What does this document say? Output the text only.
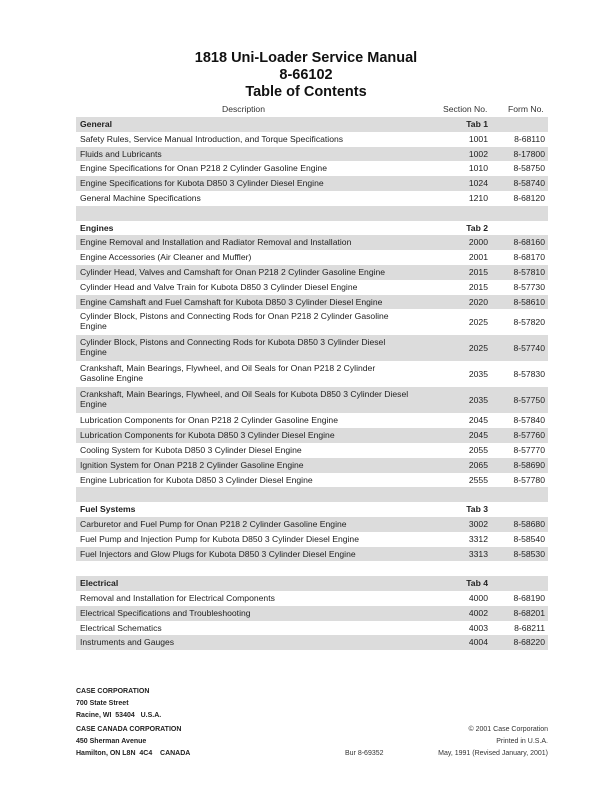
1818 Uni-Loader Service Manual
8-66102
Table of Contents
Description	Section No. Form No.
General	Tab 1
Safety Rules, Service Manual Introduction, and Torque Specifications	1001	8-68110
Fluids and Lubricants	1002	8-17800
Engine Specifications for Onan P218 2 Cylinder Gasoline Engine	1010	8-58750
Engine Specifications for Kubota D850 3 Cylinder Diesel Engine	1024	8-58740
General Machine Specifications	1210	8-68120
Engines	Tab 2
Engine Removal and Installation and Radiator Removal and Installation	2000	8-68160
Engine Accessories (Air Cleaner and Muffler)	2001	8-68170
Cylinder Head, Valves and Camshaft for Onan P218 2 Cylinder Gasoline Engine	2015	8-57810
Cylinder Head and Valve Train for Kubota D850 3 Cylinder Diesel Engine	2015	8-57730
Engine Camshaft and Fuel Camshaft for Kubota D850 3 Cylinder Diesel Engine	2020	8-58610
Cylinder Block, Pistons and Connecting Rods for Onan P218 2 Cylinder Gasoline Engine	2025	8-57820
Cylinder Block, Pistons and Connecting Rods for Kubota D850 3 Cylinder Diesel Engine	2025	8-57740
Crankshaft, Main Bearings, Flywheel, and Oil Seals for Onan P218 2 Cylinder Gasoline Engine	2035	8-57830
Crankshaft, Main Bearings, Flywheel, and Oil Seals for Kubota D850 3 Cylinder Diesel Engine	2035	8-57750
Lubrication Components for Onan P218 2 Cylinder Gasoline Engine	2045	8-57840
Lubrication Components for Kubota D850 3 Cylinder Diesel Engine	2045	8-57760
Cooling System for Kubota D850 3 Cylinder Diesel Engine	2055	8-57770
Ignition System for Onan P218 2 Cylinder Gasoline Engine	2065	8-58690
Engine Lubrication for Kubota D850 3 Cylinder Diesel Engine	2555	8-57780
Fuel Systems	Tab 3
Carburetor and Fuel Pump for Onan P218 2 Cylinder Gasoline Engine	3002	8-58680
Fuel Pump and Injection Pump for Kubota D850 3 Cylinder Diesel Engine	3312	8-58540
Fuel Injectors and Glow Plugs for Kubota D850 3 Cylinder Diesel Engine	3313	8-58530
Electrical	Tab 4
Removal and Installation for Electrical Components	4000	8-68190
Electrical Specifications and Troubleshooting	4002	8-68201
Electrical Schematics	4003	8-68211
Instruments and Gauges	4004	8-68220
CASE CORPORATION
700 State Street
Racine, WI  53404   U.S.A.
CASE CANADA CORPORATION
450 Sherman Avenue
Hamilton, ON L8N  4C4    CANADA	Bur 8-69352
© 2001 Case Corporation
Printed in U.S.A.
May, 1991 (Revised January, 2001)
